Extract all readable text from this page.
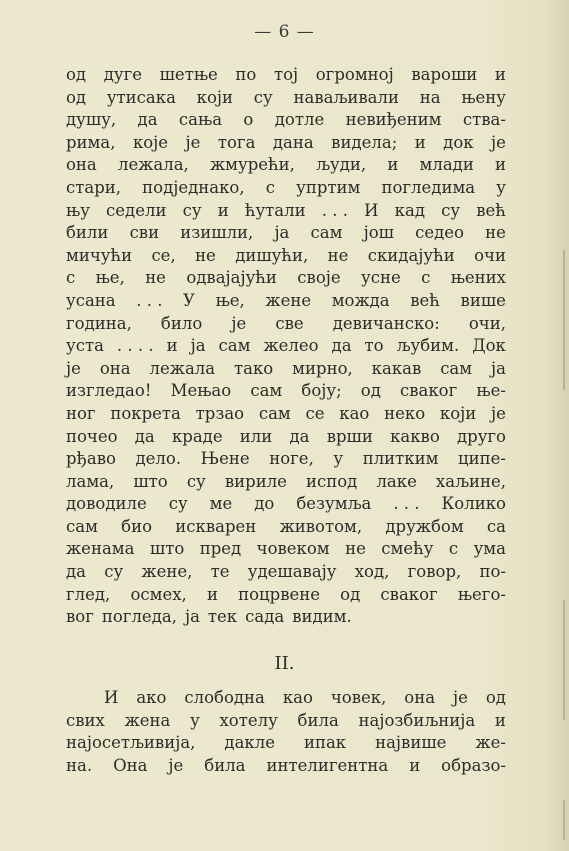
— 6 —
од дуге шетње по тој огромној вароши и
од утисака који су наваљивали на њену
душу, да сања о дотле невиђеним ства-
рима, које је тога дана видела; и док је
она лежала, жмурећи, људи, и млади и
стари, подједнако, с упртим погледима у
њу седели су и ћутали . . . И кад су већ
били сви изишли, ја сам још седео не
мичући се, не дишући, не скидајући очи
с ње, не одвајајући своје усне с њених
усана . . . У ње, жене можда већ више
година, било је све девичанско: очи,
уста . . . . и ја сам желео да то љубим. Док
је она лежала тако мирно, какав сам ја
изгледао! Мењао сам боју; од сваког ње-
ног покрета трзао сам се као неко који је
почео да краде или да врши какво друго
рђаво дело. Њене ноге, у плитким ципе-
лама, што су вириле испод лаке хаљине,
доводиле су ме до безумља . . . Колико
сам био искварен животом, дружбом са
женама што пред човеком не смећу с ума
да су жене, те удешавају ход, говор, по-
глед, осмех, и поцрвене од сваког њего-
вог погледа, ја тек сада видим.
II.
И ако слободна као човек, она је од
свих жена у хотелу била најозбиљнија и
најосетљивија, дакле ипак највише же-
на. Она је била интелигентна и образо-
